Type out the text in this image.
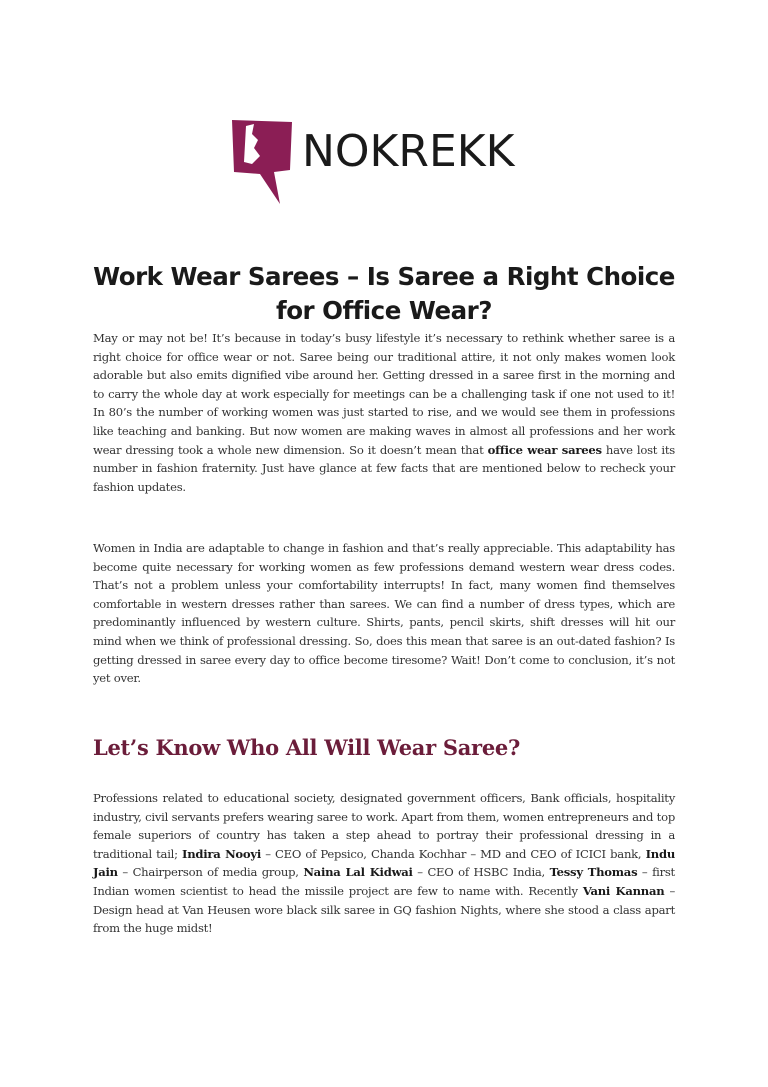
NOKREKK
Work Wear Sarees – Is Saree a Right Choice for Office Wear?

May or may not be! It’s because in today’s busy lifestyle it’s necessary to rethink whether saree is a right choice for office wear or not. Saree being our traditional attire, it not only makes women look adorable but also emits dignified vibe around her. Getting dressed in a saree first in the morning and to carry the whole day at work especially for meetings can be a challenging task if one not used to it! In 80’s the number of working women was just started to rise, and we would see them in professions like teaching and banking. But now women are making waves in almost all professions and her work wear dressing took a whole new dimension. So it doesn’t mean that office wear sarees have lost its number in fashion fraternity. Just have glance at few facts that are mentioned below to recheck your fashion updates.

Women in India are adaptable to change in fashion and that’s really appreciable. This adaptability has become quite necessary for working women as few professions demand western wear dress codes. That’s not a problem unless your comfortability interrupts! In fact, many women find themselves comfortable in western dresses rather than sarees. We can find a number of dress types, which are predominantly influenced by western culture. Shirts, pants, pencil skirts, shift dresses will hit our mind when we think of professional dressing. So, does this mean that saree is an out-dated fashion? Is getting dressed in saree every day to office become tiresome? Wait! Don’t come to conclusion, it’s not yet over.

Let’s Know Who All Will Wear Saree?

Professions related to educational society, designated government officers, Bank officials, hospitality industry, civil servants prefers wearing saree to work. Apart from them, women entrepreneurs and top female superiors of country has taken a step ahead to portray their professional dressing in a traditional tail; Indira Nooyi – CEO of Pepsico, Chanda Kochhar – MD and CEO of ICICI bank, Indu Jain – Chairperson of media group, Naina Lal Kidwai – CEO of HSBC India, Tessy Thomas – first Indian women scientist to head the missile project are few to name with. Recently Vani Kannan – Design head at Van Heusen wore black silk saree in GQ fashion Nights, where she stood a class apart from the huge midst!
